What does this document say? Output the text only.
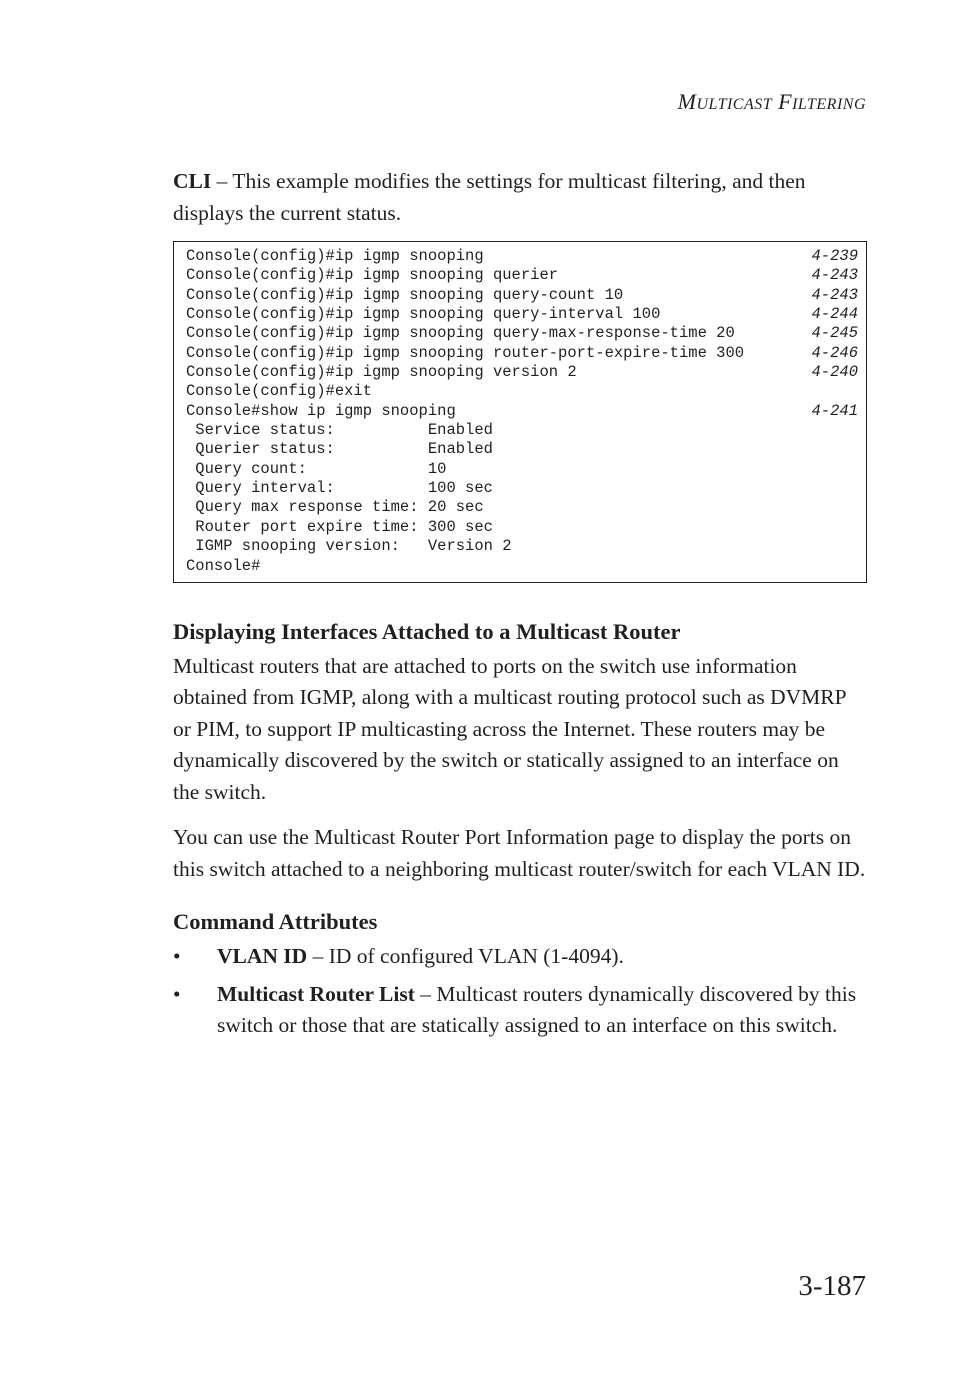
MULTICAST FILTERING

CLI – This example modifies the settings for multicast filtering, and then displays the current status.

Console(config)#ip igmp snooping	4-239
Console(config)#ip igmp snooping querier	4-243
Console(config)#ip igmp snooping query-count 10	4-243
Console(config)#ip igmp snooping query-interval 100	4-244
Console(config)#ip igmp snooping query-max-response-time 20	4-245
Console(config)#ip igmp snooping router-port-expire-time 300	4-246
Console(config)#ip igmp snooping version 2	4-240
Console(config)#exit
Console#show ip igmp snooping	4-241
Service status:          Enabled
Querier status:          Enabled
Query count:             10
Query interval:          100 sec
Query max response time: 20 sec
Router port expire time: 300 sec
IGMP snooping version:   Version 2
Console#
Displaying Interfaces Attached to a Multicast Router

Multicast routers that are attached to ports on the switch use information obtained from IGMP, along with a multicast routing protocol such as DVMRP or PIM, to support IP multicasting across the Internet. These routers may be dynamically discovered by the switch or statically assigned to an interface on the switch.

You can use the Multicast Router Port Information page to display the ports on this switch attached to a neighboring multicast router/switch for each VLAN ID.

Command Attributes
• VLAN ID – ID of configured VLAN (1-4094).
• Multicast Router List – Multicast routers dynamically discovered by this switch or those that are statically assigned to an interface on this switch.
3-187
